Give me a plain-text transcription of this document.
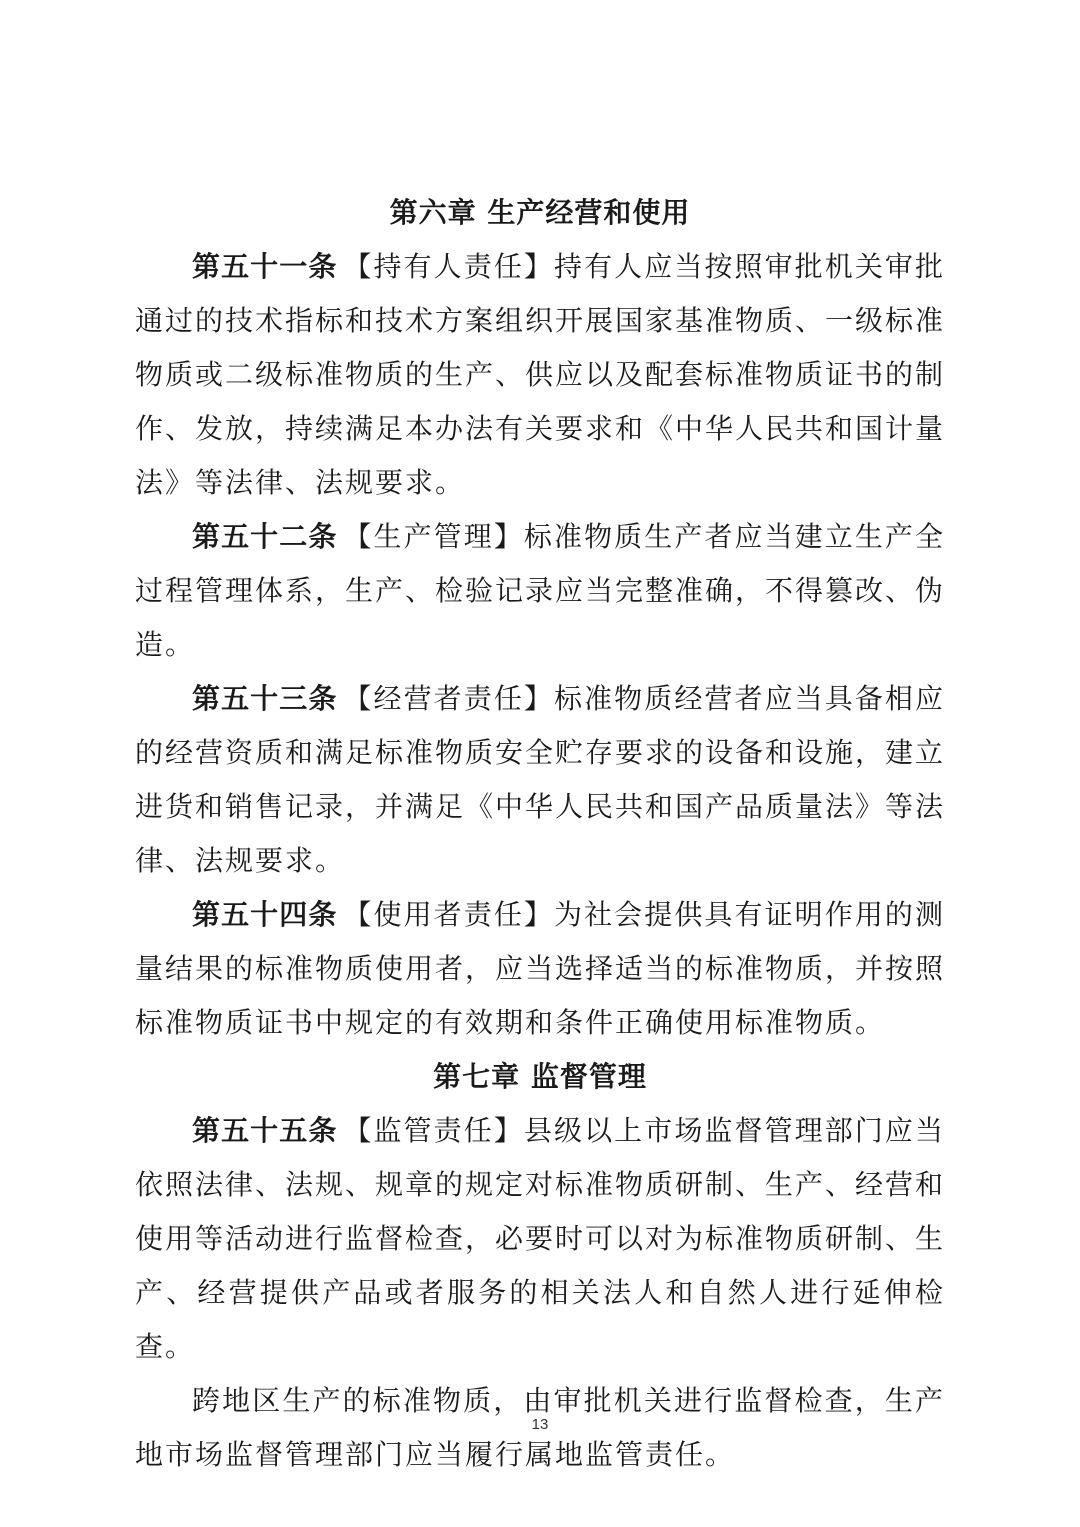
第六章 生产经营和使用

第五十一条 【持有人责任】持有人应当按照审批机关审批通过的技术指标和技术方案组织开展国家基准物质、一级标准物质或二级标准物质的生产、供应以及配套标准物质证书的制作、发放，持续满足本办法有关要求和《中华人民共和国计量法》等法律、法规要求。

第五十二条 【生产管理】标准物质生产者应当建立生产全过程管理体系，生产、检验记录应当完整准确，不得篡改、伪造。

第五十三条 【经营者责任】标准物质经营者应当具备相应的经营资质和满足标准物质安全贮存要求的设备和设施，建立进货和销售记录，并满足《中华人民共和国产品质量法》等法律、法规要求。

第五十四条 【使用者责任】为社会提供具有证明作用的测量结果的标准物质使用者，应当选择适当的标准物质，并按照标准物质证书中规定的有效期和条件正确使用标准物质。

第七章 监督管理

第五十五条 【监管责任】县级以上市场监督管理部门应当依照法律、法规、规章的规定对标准物质研制、生产、经营和使用等活动进行监督检查，必要时可以对为标准物质研制、生产、经营提供产品或者服务的相关法人和自然人进行延伸检查。

跨地区生产的标准物质，由审批机关进行监督检查，生产地市场监督管理部门应当履行属地监管责任。

13
